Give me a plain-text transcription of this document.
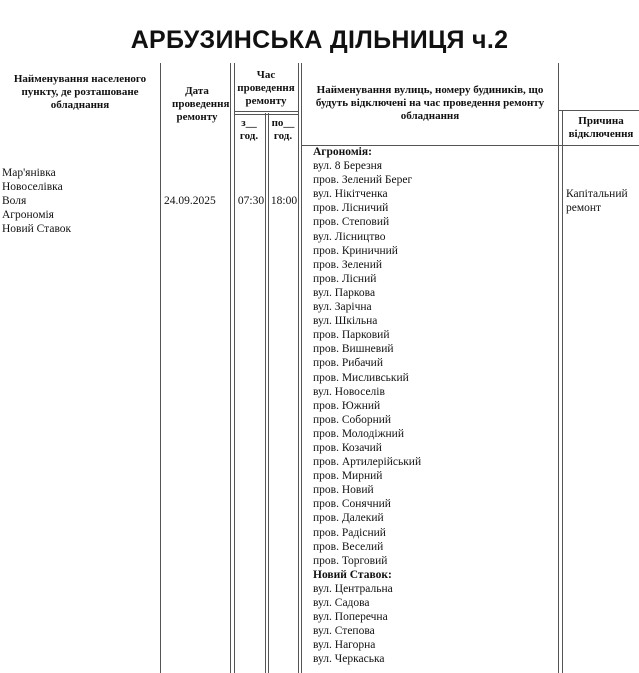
АРБУЗИНСЬКА ДІЛЬНИЦЯ ч.2
Найменування населеного пункту, де розташоване обладнання
Дата проведення ремонту
Час проведення ремонту
з__ год.
по__ год.
Найменування вулиць, номеру будиників, що будуть відключені на час проведення ремонту обладнання	Причина відключення
Мар'янівка
Новоселівка
Воля
Агрономія
Новий Ставок
24.09.2025	07:30 18:00
Агрономія:
вул. 8 Березня
пров. Зелений Берег
вул. Нікітченка
пров. Лісничий
пров. Степовий
вул. Лісництво
пров. Криничний
пров. Зелений
пров. Лісний
вул. Паркова
вул. Зарічна
вул. Шкільна
пров. Парковий
пров. Вишневий
пров. Рибачий
пров. Мисливський
вул. Новоселів
пров. Южний
пров. Соборний
пров. Молодіжний
пров. Козачий
пров. Артилерійський
пров. Мирний
пров. Новий
пров. Сонячний
пров. Далекий
пров. Радісний
пров. Веселий
пров. Торговий
Новий Ставок:
вул. Центральна
вул. Садова
вул. Поперечна
вул. Степова
вул. Нагорна
вул. Черкаська
Капітальний ремонт
